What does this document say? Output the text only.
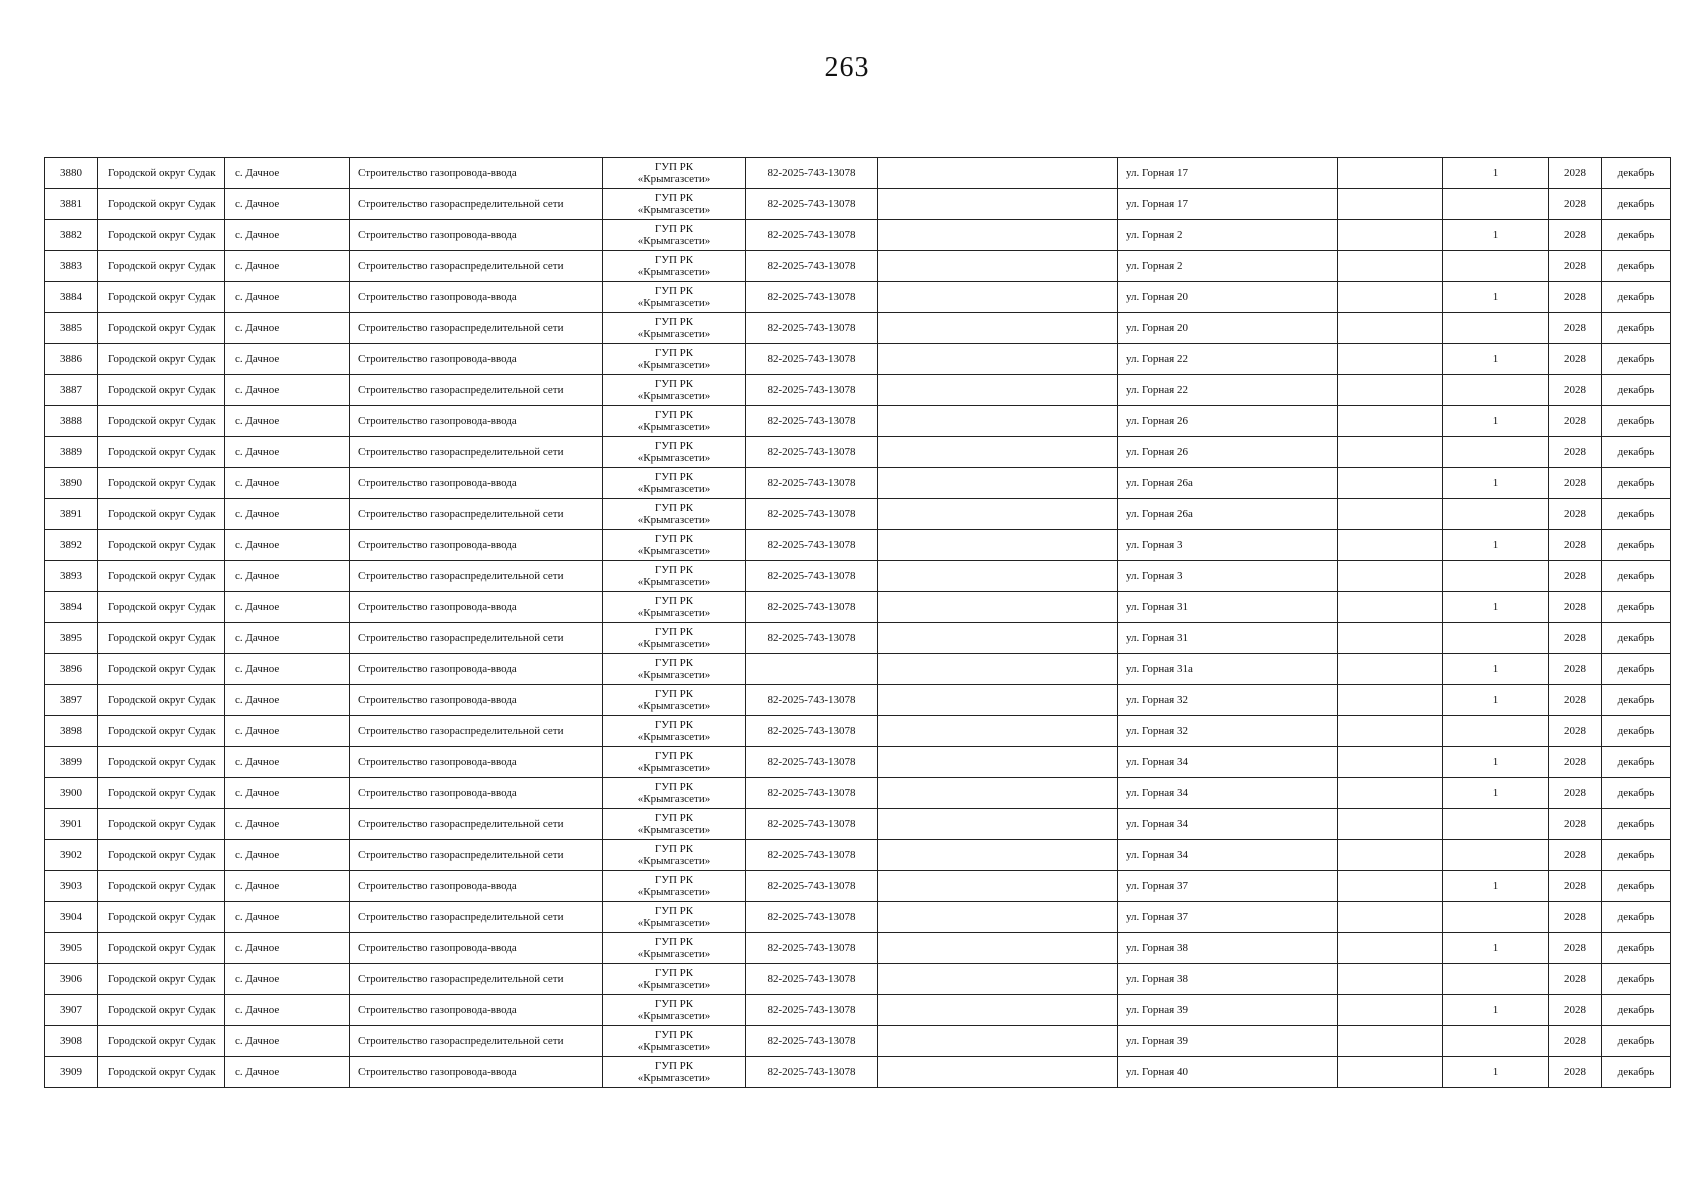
263
3880	Городской округ Судак	с. Дачное	Строительство газопровода-ввода	ГУП РК
«Крымгазсети»	82-2025-743-13078		ул. Горная 17		1	2028	декабрь
3881	Городской округ Судак	с. Дачное	Строительство газораспределительной сети	ГУП РК
«Крымгазсети»	82-2025-743-13078		ул. Горная 17			2028	декабрь
3882	Городской округ Судак	с. Дачное	Строительство газопровода-ввода	ГУП РК
«Крымгазсети»	82-2025-743-13078		ул. Горная 2		1	2028	декабрь
3883	Городской округ Судак	с. Дачное	Строительство газораспределительной сети	ГУП РК
«Крымгазсети»	82-2025-743-13078		ул. Горная 2			2028	декабрь
3884	Городской округ Судак	с. Дачное	Строительство газопровода-ввода	ГУП РК
«Крымгазсети»	82-2025-743-13078		ул. Горная 20		1	2028	декабрь
3885	Городской округ Судак	с. Дачное	Строительство газораспределительной сети	ГУП РК
«Крымгазсети»	82-2025-743-13078		ул. Горная 20			2028	декабрь
3886	Городской округ Судак	с. Дачное	Строительство газопровода-ввода	ГУП РК
«Крымгазсети»	82-2025-743-13078		ул. Горная 22		1	2028	декабрь
3887	Городской округ Судак	с. Дачное	Строительство газораспределительной сети	ГУП РК
«Крымгазсети»	82-2025-743-13078		ул. Горная 22			2028	декабрь
3888	Городской округ Судак	с. Дачное	Строительство газопровода-ввода	ГУП РК
«Крымгазсети»	82-2025-743-13078		ул. Горная 26		1	2028	декабрь
3889	Городской округ Судак	с. Дачное	Строительство газораспределительной сети	ГУП РК
«Крымгазсети»	82-2025-743-13078		ул. Горная 26			2028	декабрь
3890	Городской округ Судак	с. Дачное	Строительство газопровода-ввода	ГУП РК
«Крымгазсети»	82-2025-743-13078		ул. Горная 26а		1	2028	декабрь
3891	Городской округ Судак	с. Дачное	Строительство газораспределительной сети	ГУП РК
«Крымгазсети»	82-2025-743-13078		ул. Горная 26а			2028	декабрь
3892	Городской округ Судак	с. Дачное	Строительство газопровода-ввода	ГУП РК
«Крымгазсети»	82-2025-743-13078		ул. Горная 3		1	2028	декабрь
3893	Городской округ Судак	с. Дачное	Строительство газораспределительной сети	ГУП РК
«Крымгазсети»	82-2025-743-13078		ул. Горная 3			2028	декабрь
3894	Городской округ Судак	с. Дачное	Строительство газопровода-ввода	ГУП РК
«Крымгазсети»	82-2025-743-13078		ул. Горная 31		1	2028	декабрь
3895	Городской округ Судак	с. Дачное	Строительство газораспределительной сети	ГУП РК
«Крымгазсети»	82-2025-743-13078		ул. Горная 31			2028	декабрь
3896	Городской округ Судак	с. Дачное	Строительство газопровода-ввода	ГУП РК
«Крымгазсети»			ул. Горная 31а		1	2028	декабрь
3897	Городской округ Судак	с. Дачное	Строительство газопровода-ввода	ГУП РК
«Крымгазсети»	82-2025-743-13078		ул. Горная 32		1	2028	декабрь
3898	Городской округ Судак	с. Дачное	Строительство газораспределительной сети	ГУП РК
«Крымгазсети»	82-2025-743-13078		ул. Горная 32			2028	декабрь
3899	Городской округ Судак	с. Дачное	Строительство газопровода-ввода	ГУП РК
«Крымгазсети»	82-2025-743-13078		ул. Горная 34		1	2028	декабрь
3900	Городской округ Судак	с. Дачное	Строительство газопровода-ввода	ГУП РК
«Крымгазсети»	82-2025-743-13078		ул. Горная 34		1	2028	декабрь
3901	Городской округ Судак	с. Дачное	Строительство газораспределительной сети	ГУП РК
«Крымгазсети»	82-2025-743-13078		ул. Горная 34			2028	декабрь
3902	Городской округ Судак	с. Дачное	Строительство газораспределительной сети	ГУП РК
«Крымгазсети»	82-2025-743-13078		ул. Горная 34			2028	декабрь
3903	Городской округ Судак	с. Дачное	Строительство газопровода-ввода	ГУП РК
«Крымгазсети»	82-2025-743-13078		ул. Горная 37		1	2028	декабрь
3904	Городской округ Судак	с. Дачное	Строительство газораспределительной сети	ГУП РК
«Крымгазсети»	82-2025-743-13078		ул. Горная 37			2028	декабрь
3905	Городской округ Судак	с. Дачное	Строительство газопровода-ввода	ГУП РК
«Крымгазсети»	82-2025-743-13078		ул. Горная 38		1	2028	декабрь
3906	Городской округ Судак	с. Дачное	Строительство газораспределительной сети	ГУП РК
«Крымгазсети»	82-2025-743-13078		ул. Горная 38			2028	декабрь
3907	Городской округ Судак	с. Дачное	Строительство газопровода-ввода	ГУП РК
«Крымгазсети»	82-2025-743-13078		ул. Горная 39		1	2028	декабрь
3908	Городской округ Судак	с. Дачное	Строительство газораспределительной сети	ГУП РК
«Крымгазсети»	82-2025-743-13078		ул. Горная 39			2028	декабрь
3909	Городской округ Судак	с. Дачное	Строительство газопровода-ввода	ГУП РК
«Крымгазсети»	82-2025-743-13078		ул. Горная 40		1	2028	декабрь
